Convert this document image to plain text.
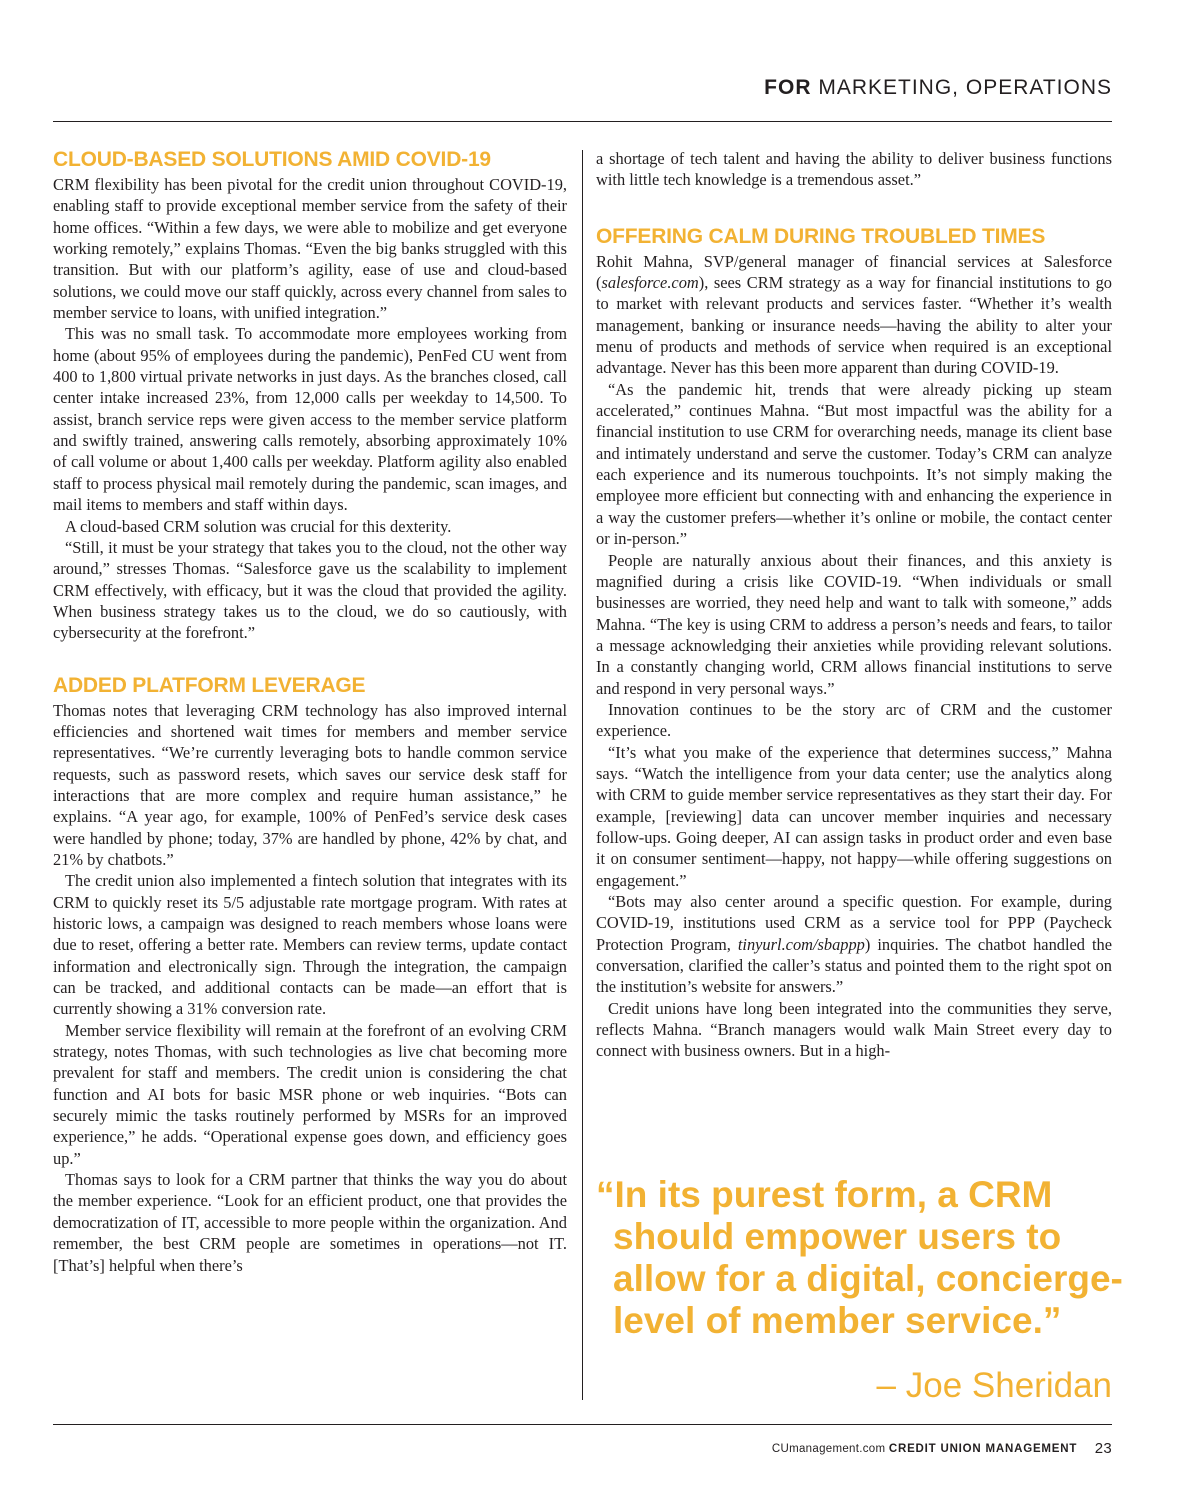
FOR MARKETING, OPERATIONS
CLOUD-BASED SOLUTIONS AMID COVID-19

CRM flexibility has been pivotal for the credit union throughout COVID-19, enabling staff to provide exceptional member service from the safety of their home offices. “Within a few days, we were able to mobilize and get everyone working remotely,” explains Thomas. “Even the big banks struggled with this transition. But with our platform’s agility, ease of use and cloud-based solutions, we could move our staff quickly, across every channel from sales to member service to loans, with unified integration.”

This was no small task. To accommodate more employees working from home (about 95% of employees during the pandemic), PenFed CU went from 400 to 1,800 virtual private networks in just days. As the branches closed, call center intake increased 23%, from 12,000 calls per weekday to 14,500. To assist, branch service reps were given access to the member service platform and swiftly trained, answering calls remotely, absorbing approximately 10% of call volume or about 1,400 calls per weekday. Platform agility also enabled staff to process physical mail remotely during the pandemic, scan images, and mail items to members and staff within days.

A cloud-based CRM solution was crucial for this dexterity.

“Still, it must be your strategy that takes you to the cloud, not the other way around,” stresses Thomas. “Salesforce gave us the scalability to implement CRM effectively, with efficacy, but it was the cloud that provided the agility. When business strategy takes us to the cloud, we do so cautiously, with cybersecurity at the forefront.”

ADDED PLATFORM LEVERAGE

Thomas notes that leveraging CRM technology has also improved internal efficiencies and shortened wait times for members and member service representatives. “We’re currently leveraging bots to handle common service requests, such as password resets, which saves our service desk staff for interactions that are more complex and require human assistance,” he explains. “A year ago, for example, 100% of PenFed’s service desk cases were handled by phone; today, 37% are handled by phone, 42% by chat, and 21% by chatbots.”

The credit union also implemented a fintech solution that integrates with its CRM to quickly reset its 5/5 adjustable rate mortgage program. With rates at historic lows, a campaign was designed to reach members whose loans were due to reset, offering a better rate. Members can review terms, update contact information and electronically sign. Through the integration, the campaign can be tracked, and additional contacts can be made—an effort that is currently showing a 31% conversion rate.

Member service flexibility will remain at the forefront of an evolving CRM strategy, notes Thomas, with such technologies as live chat becoming more prevalent for staff and members. The credit union is considering the chat function and AI bots for basic MSR phone or web inquiries. “Bots can securely mimic the tasks routinely performed by MSRs for an improved experience,” he adds. “Operational expense goes down, and efficiency goes up.”

Thomas says to look for a CRM partner that thinks the way you do about the member experience. “Look for an efficient product, one that provides the democratization of IT, accessible to more people within the organization. And remember, the best CRM people are sometimes in operations—not IT. [That’s] helpful when there’s

a shortage of tech talent and having the ability to deliver business functions with little tech knowledge is a tremendous asset.”

OFFERING CALM DURING TROUBLED TIMES

Rohit Mahna, SVP/general manager of financial services at Salesforce (salesforce.com), sees CRM strategy as a way for financial institutions to go to market with relevant products and services faster. “Whether it’s wealth management, banking or insurance needs—having the ability to alter your menu of products and methods of service when required is an exceptional advantage. Never has this been more apparent than during COVID-19.

“As the pandemic hit, trends that were already picking up steam accelerated,” continues Mahna. “But most impactful was the ability for a financial institution to use CRM for overarching needs, manage its client base and intimately understand and serve the customer. Today’s CRM can analyze each experience and its numerous touchpoints. It’s not simply making the employee more efficient but connecting with and enhancing the experience in a way the customer prefers—whether it’s online or mobile, the contact center or in-person.”

People are naturally anxious about their finances, and this anxiety is magnified during a crisis like COVID-19. “When individuals or small businesses are worried, they need help and want to talk with someone,” adds Mahna. “The key is using CRM to address a person’s needs and fears, to tailor a message acknowledging their anxieties while providing relevant solutions. In a constantly changing world, CRM allows financial institutions to serve and respond in very personal ways.”

Innovation continues to be the story arc of CRM and the customer experience.

“It’s what you make of the experience that determines success,” Mahna says. “Watch the intelligence from your data center; use the analytics along with CRM to guide member service representatives as they start their day. For example, [reviewing] data can uncover member inquiries and necessary follow-ups. Going deeper, AI can assign tasks in product order and even base it on consumer sentiment—happy, not happy—while offering suggestions on engagement.”

“Bots may also center around a specific question. For example, during COVID-19, institutions used CRM as a service tool for PPP (Paycheck Protection Program, tinyurl.com/sbappp) inquiries. The chatbot handled the conversation, clarified the caller’s status and pointed them to the right spot on the institution’s website for answers.”

Credit unions have long been integrated into the communities they serve, reflects Mahna. “Branch managers would walk Main Street every day to connect with business owners. But in a high-

“In its purest form, a CRM
should empower users to
allow for a digital, concierge-
level of member service.”
– Joe Sheridan
CUmanagement.com CREDIT UNION MANAGEMENT 23
